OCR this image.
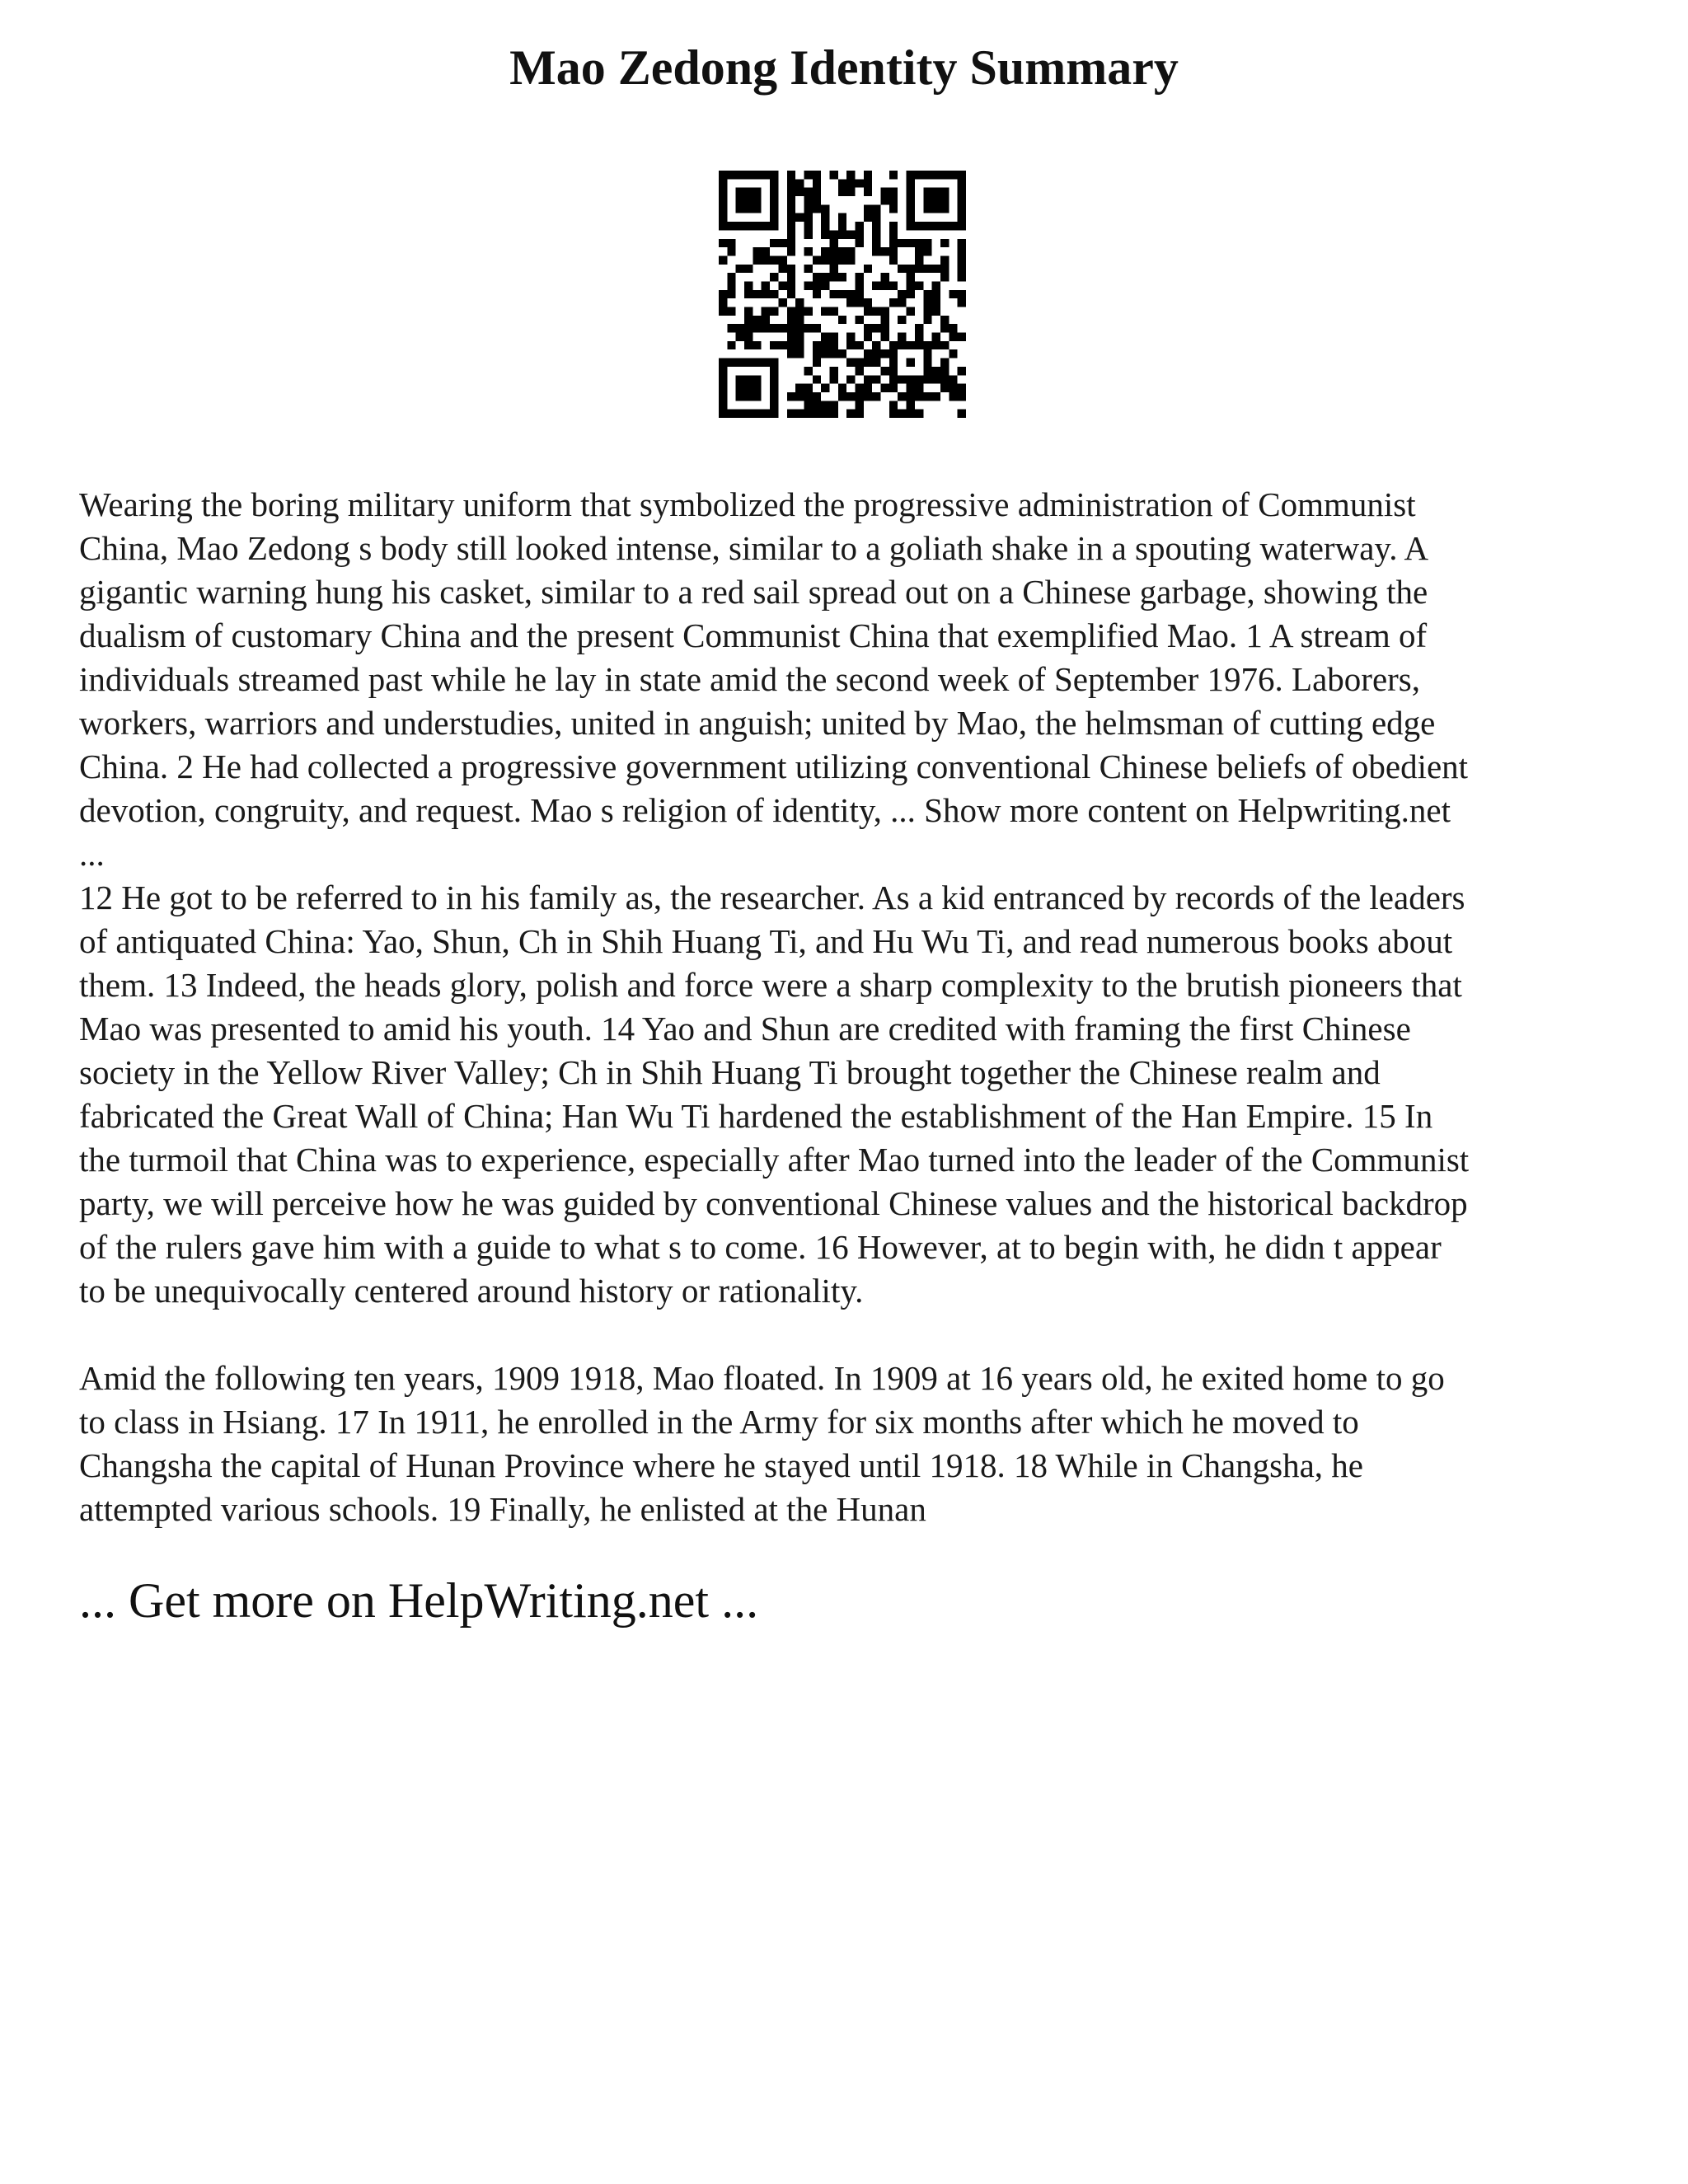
Mao Zedong Identity Summary

Wearing the boring military uniform that symbolized the progressive administration of Communist
China, Mao Zedong s body still looked intense, similar to a goliath shake in a spouting waterway. A
gigantic warning hung his casket, similar to a red sail spread out on a Chinese garbage, showing the
dualism of customary China and the present Communist China that exemplified Mao. 1 A stream of
individuals streamed past while he lay in state amid the second week of September 1976. Laborers,
workers, warriors and understudies, united in anguish; united by Mao, the helmsman of cutting edge
China. 2 He had collected a progressive government utilizing conventional Chinese beliefs of obedient
devotion, congruity, and request. Mao s religion of identity, ... Show more content on Helpwriting.net
...

12 He got to be referred to in his family as, the researcher. As a kid entranced by records of the leaders
of antiquated China: Yao, Shun, Ch in Shih Huang Ti, and Hu Wu Ti, and read numerous books about
them. 13 Indeed, the heads glory, polish and force were a sharp complexity to the brutish pioneers that
Mao was presented to amid his youth. 14 Yao and Shun are credited with framing the first Chinese
society in the Yellow River Valley; Ch in Shih Huang Ti brought together the Chinese realm and
fabricated the Great Wall of China; Han Wu Ti hardened the establishment of the Han Empire. 15 In
the turmoil that China was to experience, especially after Mao turned into the leader of the Communist
party, we will perceive how he was guided by conventional Chinese values and the historical backdrop
of the rulers gave him with a guide to what s to come. 16 However, at to begin with, he didn t appear
to be unequivocally centered around history or rationality.

Amid the following ten years, 1909 1918, Mao floated. In 1909 at 16 years old, he exited home to go
to class in Hsiang. 17 In 1911, he enrolled in the Army for six months after which he moved to
Changsha the capital of Hunan Province where he stayed until 1918. 18 While in Changsha, he
attempted various schools. 19 Finally, he enlisted at the Hunan

... Get more on HelpWriting.net ...
